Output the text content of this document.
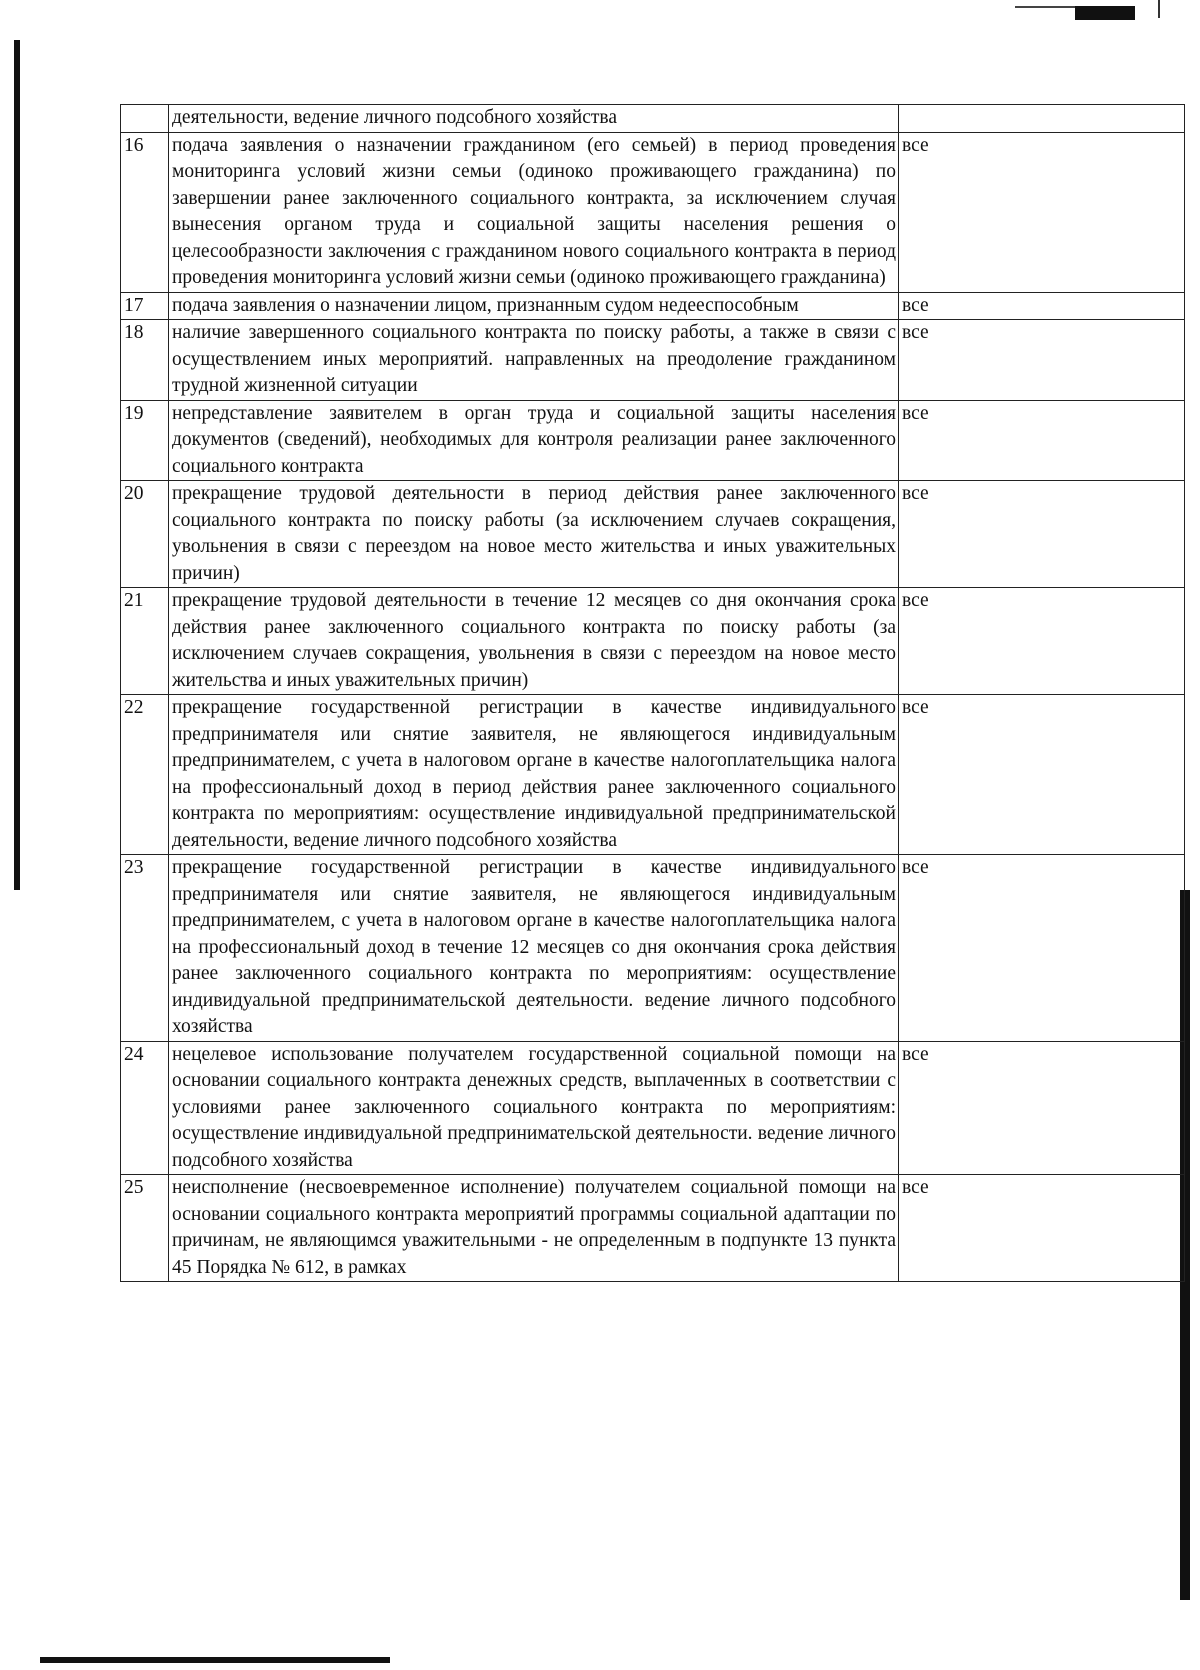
	деятельности, ведение личного подсобного хозяйства	
16	подача заявления о назначении гражданином (его семьей) в период проведения мониторинга условий жизни семьи (одиноко проживающего гражданина) по завершении ранее заключенного социального контракта, за исключением случая вынесения органом труда и социальной защиты населения решения о целесообразности заключения с гражданином нового социального контракта в период проведения мониторинга условий жизни семьи (одиноко проживающего гражданина)	все
17	подача заявления о назначении лицом, признанным судом недееспособным	все
18	наличие завершенного социального контракта по поиску работы, а также в связи с осуществлением иных мероприятий. направленных на преодоление гражданином трудной жизненной ситуации	все
19	непредставление заявителем в орган труда и социальной защиты населения документов (сведений), необходимых для контроля реализации ранее заключенного социального контракта	все
20	прекращение трудовой деятельности в период действия ранее заключенного социального контракта по поиску работы (за исключением случаев сокращения, увольнения в связи с переездом на новое место жительства и иных уважительных причин)	все
21	прекращение трудовой деятельности в течение 12 месяцев со дня окончания срока действия ранее заключенного социального контракта по поиску работы (за исключением случаев сокращения, увольнения в связи с переездом на новое место жительства и иных уважительных причин)	все
22	прекращение государственной регистрации в качестве индивидуального предпринимателя или снятие заявителя, не являющегося индивидуальным предпринимателем, с учета в налоговом органе в качестве налогоплательщика налога на профессиональный доход в период действия ранее заключенного социального контракта по мероприятиям: осуществление индивидуальной предпринимательской деятельности, ведение личного подсобного хозяйства	все
23	прекращение государственной регистрации в качестве индивидуального предпринимателя или снятие заявителя, не являющегося индивидуальным предпринимателем, с учета в налоговом органе в качестве налогоплательщика налога на профессиональный доход в течение 12 месяцев со дня окончания срока действия ранее заключенного социального контракта по мероприятиям: осуществление индивидуальной предпринимательской деятельности. ведение личного подсобного хозяйства	все
24	нецелевое использование получателем государственной социальной помощи на основании социального контракта денежных средств, выплаченных в соответствии с условиями ранее заключенного социального контракта по мероприятиям: осуществление индивидуальной предпринимательской деятельности. ведение личного подсобного хозяйства	все
25	неисполнение (несвоевременное исполнение) получателем социальной помощи на основании социального контракта мероприятий программы социальной адаптации по причинам, не являющимся уважительными - не определенным в подпункте 13 пункта 45 Порядка № 612, в рамках	все
